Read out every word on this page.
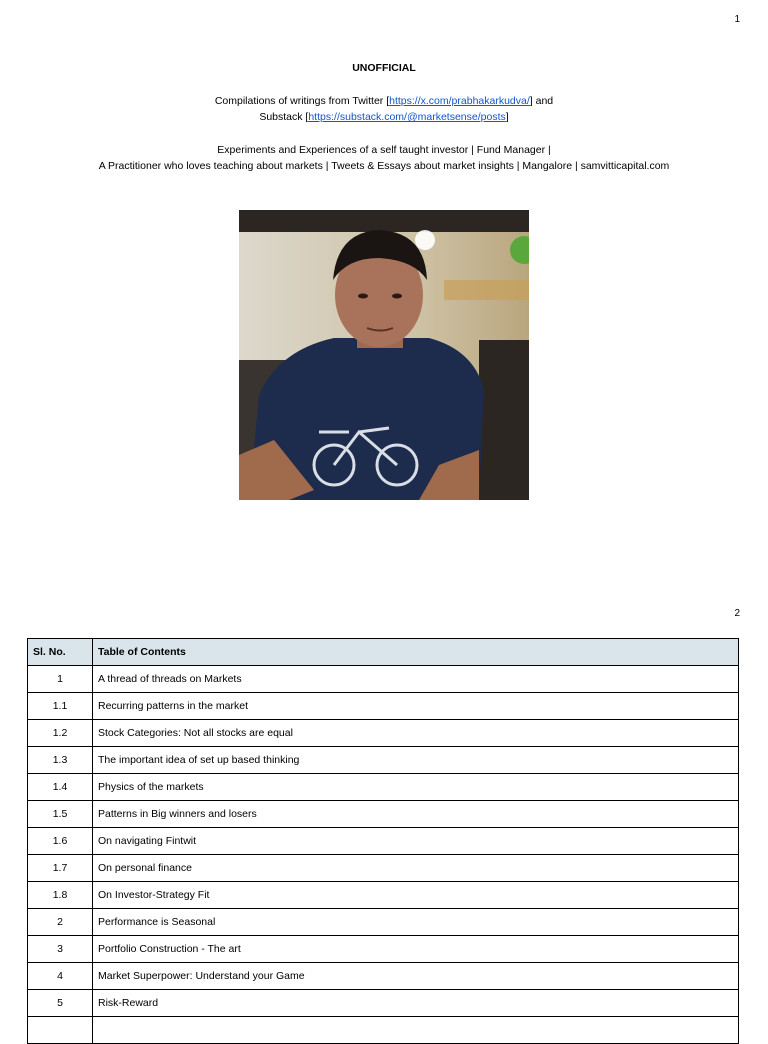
1
UNOFFICIAL
Compilations of writings from Twitter [https://x.com/prabhakarkudva/] and
Substack [https://substack.com/@marketsense/posts]
Experiments and Experiences of a self taught investor | Fund Manager |
A Practitioner who loves teaching about markets | Tweets & Essays about market insights | Mangalore | samvitticapital.com
2
Sl. No.	Table of Contents
1	A thread of threads on Markets
1.1	Recurring patterns in the market
1.2	Stock Categories: Not all stocks are equal
1.3	The important idea of set up based thinking
1.4	Physics of the markets
1.5	Patterns in Big winners and losers
1.6	On navigating Fintwit
1.7	On personal finance
1.8	On Investor-Strategy Fit
2	Performance is Seasonal
3	Portfolio Construction - The art
4	Market Superpower: Understand your Game
5	Risk-Reward
